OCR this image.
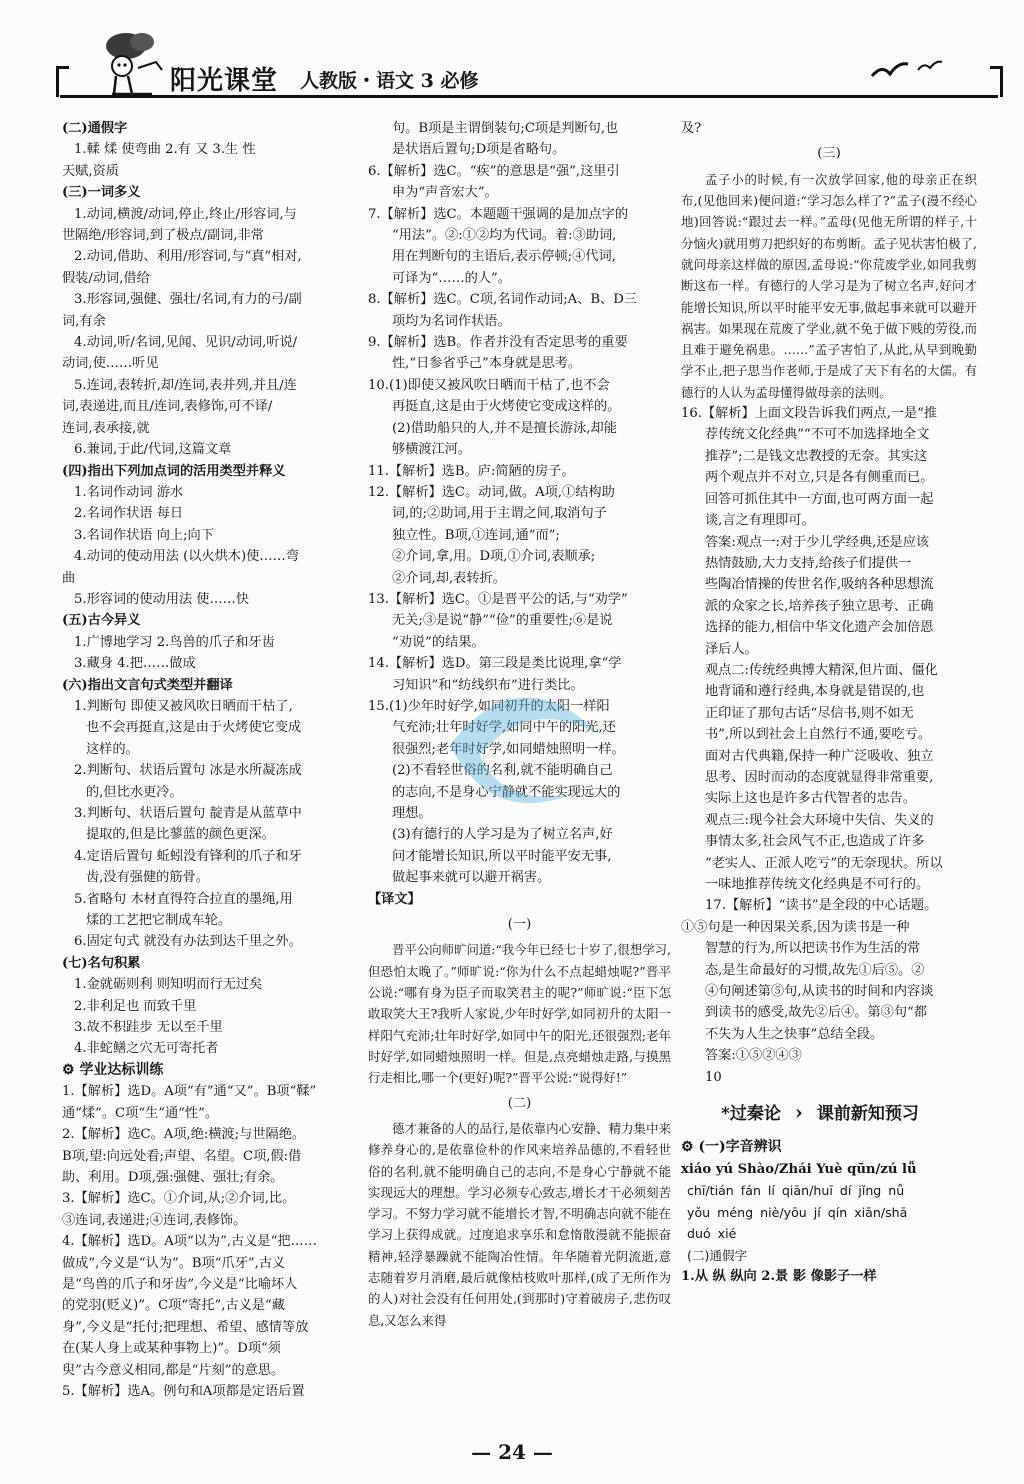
阳光课堂 人教版・语文 3 必修

(二)通假字

1.輮 煣 使弯曲 2.有 又 3.生 性

天赋,资质

(三)一词多义

1.动词,横渡/动词,停止,终止/形容词,与

世隔绝/形容词,到了极点/副词,非常

2.动词,借助、利用/形容词,与“真”相对,

假装/动词,借给

3.形容词,强健、强壮/名词,有力的弓/副

词,有余

4.动词,听/名词,见闻、见识/动词,听说/

动词,使……听见

5.连词,表转折,却/连词,表并列,并且/连

词,表递进,而且/连词,表修饰,可不译/

连词,表承接,就

6.兼词,于此/代词,这篇文章

(四)指出下列加点词的活用类型并释义

1.名词作动词 游水

2.名词作状语 每日

3.名词作状语 向上;向下

4.动词的使动用法 (以火烘木)使……弯

曲

5.形容词的使动用法 使……快

(五)古今异义

1.广博地学习 2.鸟兽的爪子和牙齿

3.藏身 4.把……做成

(六)指出文言句式类型并翻译

1.判断句 即使又被风吹日晒而干枯了,

也不会再挺直,这是由于火烤使它变成

这样的。

2.判断句、状语后置句 冰是水所凝冻成

的,但比水更冷。

3.判断句、状语后置句 靛青是从蓝草中

提取的,但是比蓼蓝的颜色更深。

4.定语后置句 蚯蚓没有锋利的爪子和牙

齿,没有强健的筋骨。

5.省略句 木材直得符合拉直的墨绳,用

煣的工艺把它制成车轮。

6.固定句式 就没有办法到达千里之外。

(七)名句积累

1.金就砺则利 则知明而行无过矣

2.非利足也 而致千里

3.故不积跬步 无以至千里

4.非蛇鳝之穴无可寄托者

⚙ 学业达标训练

1.【解析】选D。A项“有”通“又”。B项“鞣”

通“煣”。C项“生”通“性”。

2.【解析】选C。A项,绝:横渡;与世隔绝。

B项,望:向远处看;声望、名望。C项,假:借

助、利用。D项,强:强健、强壮;有余。

3.【解析】选C。①介词,从;②介词,比。

③连词,表递进;④连词,表修饰。

4.【解析】选D。A项“以为”,古义是“把……

做成”,今义是“认为”。B项“爪牙”,古义

是“鸟兽的爪子和牙齿”,今义是“比喻坏人

的党羽(贬义)”。C项“寄托”,古义是“藏

身”,今义是“托付;把理想、希望、感情等放

在(某人身上或某种事物上)”。D项“须

臾”古今意义相同,都是“片刻”的意思。

5.【解析】选A。例句和A项都是定语后置

句。B项是主谓倒装句;C项是判断句,也

是状语后置句;D项是省略句。

6.【解析】选C。“疾”的意思是“强”,这里引

申为“声音宏大”。

7.【解析】选C。本题题干强调的是加点字的

“用法”。②:①②均为代词。着:③助词,

用在判断句的主语后,表示停顿;④代词,

可译为“……的人”。

8.【解析】选C。C项,名词作动词;A、B、D三

项均为名词作状语。

9.【解析】选B。作者并没有否定思考的重要

性,“日参省乎己”本身就是思考。

10.(1)即使又被风吹日晒而干枯了,也不会

再挺直,这是由于火烤使它变成这样的。

(2)借助船只的人,并不是擅长游泳,却能

够横渡江河。

11.【解析】选B。庐:简陋的房子。

12.【解析】选C。动词,做。A项,①结构助

词,的;②助词,用于主谓之间,取消句子

独立性。B项,①连词,通“而”;

②介词,拿,用。D项,①介词,表顺承;

②介词,却,表转折。

13.【解析】选C。①是晋平公的话,与“劝学”

无关;③是说“静”“俭”的重要性;⑥是说

“劝说”的结果。

14.【解析】选D。第三段是类比说理,拿“学

习知识”和“纺线织布”进行类比。

15.(1)少年时好学,如同初升的太阳一样阳

气充沛;壮年时好学,如同中午的阳光,还

很强烈;老年时好学,如同蜡烛照明一样。

(2)不看轻世俗的名利,就不能明确自己

的志向,不是身心宁静就不能实现远大的

理想。

(3)有德行的人学习是为了树立名声,好

问才能增长知识,所以平时能平安无事,

做起事来就可以避开祸害。

【译文】

(一)

晋平公向师旷问道:“我今年已经七十岁了,很想学习,但恐怕太晚了。”师旷说:“你为什么不点起蜡烛呢?”晋平公说:“哪有身为臣子而取笑君主的呢?”师旷说:“臣下怎敢取笑大王?我听人家说,少年时好学,如同初升的太阳一样阳气充沛;壮年时好学,如同中午的阳光,还很强烈;老年时好学,如同蜡烛照明一样。但是,点亮蜡烛走路,与摸黑行走相比,哪一个(更好)呢?”晋平公说:“说得好!”

(二)

德才兼备的人的品行,是依靠内心安静、精力集中来修养身心的,是依靠俭朴的作风来培养品德的,不看轻世俗的名利,就不能明确自己的志向,不是身心宁静就不能实现远大的理想。学习必须专心致志,增长才干必须刻苦学习。不努力学习就不能增长才智,不明确志向就不能在学习上获得成就。过度追求享乐和怠惰散漫就不能振奋精神,轻浮暴躁就不能陶冶性情。年华随着光阴流逝,意志随着岁月消磨,最后就像枯枝败叶那样,(成了无所作为的人)对社会没有任何用处,(到那时)守着破房子,悲伤叹息,又怎么来得

及?

(三)

孟子小的时候,有一次放学回家,他的母亲正在织布,(见他回来)便问道:“学习怎么样了?”孟子(漫不经心地)回答说:“跟过去一样。”孟母(见他无所谓的样子,十分恼火)就用剪刀把织好的布剪断。孟子见状害怕极了,就问母亲这样做的原因,孟母说:“你荒废学业,如同我剪断这布一样。有德行的人学习是为了树立名声,好问才能增长知识,所以平时能平安无事,做起事来就可以避开祸害。如果现在荒废了学业,就不免于做下贱的劳役,而且难于避免祸患。……”孟子害怕了,从此,从早到晚勤学不止,把子思当作老师,于是成了天下有名的大儒。有德行的人认为孟母懂得做母亲的法则。

16.【解析】上面文段告诉我们两点,一是“推

荐传统文化经典”“不可不加选择地全文

推荐”;二是钱文忠教授的无奈。其实这

两个观点并不对立,只是各有侧重而已。

回答可抓住其中一方面,也可两方面一起

谈,言之有理即可。

答案:观点一:对于少儿学经典,还是应该

热情鼓励,大力支持,给孩子们提供一

些陶冶情操的传世名作,吸纳各种思想流

派的众家之长,培养孩子独立思考、正确

选择的能力,相信中华文化遗产会加倍恩

泽后人。

观点二:传统经典博大精深,但片面、僵化

地背诵和遵行经典,本身就是错误的,也

正印证了那句古话“尽信书,则不如无

书”,所以到社会上自然行不通,要吃亏。

面对古代典籍,保持一种广泛吸收、独立

思考、因时而动的态度就显得非常重要,

实际上这也是许多古代智者的忠告。

观点三:现今社会大环境中失信、失义的

事情太多,社会风气不正,也造成了许多

“老实人、正派人吃亏”的无奈现状。所以

一味地推荐传统文化经典是不可行的。

17.【解析】“读书”是全段的中心话题。

①⑤句是一种因果关系,因为读书是一种

智慧的行为,所以把读书作为生活的常

态,是生命最好的习惯,故先①后⑤。②

④句阐述第⑤句,从读书的时间和内容谈

到读书的感受,故先②后④。第③句“都

不失为人生之快事”总结全段。

答案:①⑤②④③

10

*过秦论 › 课前新知预习

⚙ (一)字音辨识

xiáo yú Shào/Zhái Yuè qūn/zú lǚ

chī/tián fán lí qiān/huī dí jǐng nǚ

yǒu méng niè/yōu jí qín xiān/shā

duó xié

(二)通假字

1.从 纵 纵向 2.景 影 像影子一样

— 24 —
